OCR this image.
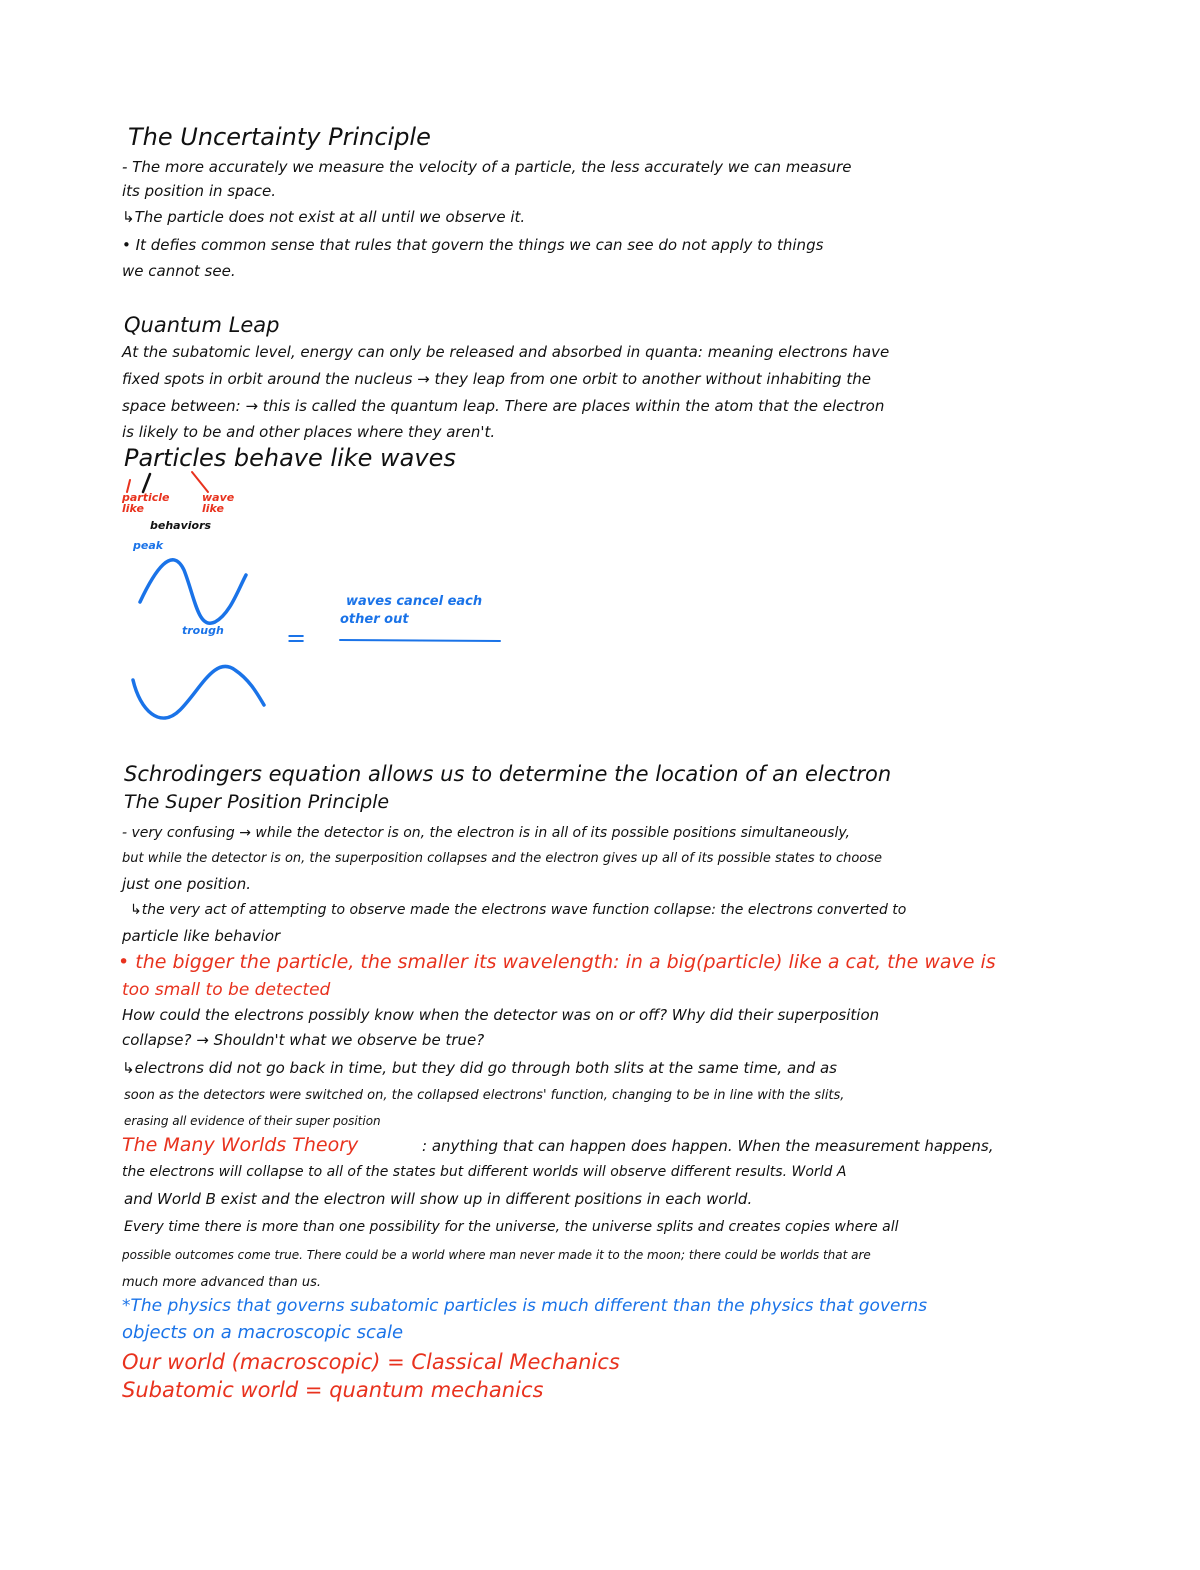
The Uncertainty Principle
- The more accurately we measure the velocity of a particle, the less accurately we can measure
its position in space.
↳The particle does not exist at all until we observe it.
• It defies common sense that rules that govern the things we can see do not apply to things
we cannot see.
Quantum Leap
At the subatomic level, energy can only be released and absorbed in quanta: meaning electrons have
fixed spots in orbit around the nucleus → they leap from one orbit to another without inhabiting the
space between: → this is called the quantum leap. There are places within the atom that the electron
is likely to be and other places where they aren't.
Particles behave like waves
particle like
wave like
behaviors
peak
trough	=
waves cancel each
other out
Schrodingers equation allows us to determine the location of an electron
The Super Position Principle
- very confusing → while the detector is on, the electron is in all of its possible positions simultaneously,
but while the detector is on, the superposition collapses and the electron gives up all of its possible states to choose
just one position.
↳the very act of attempting to observe made the electrons wave function collapse: the electrons converted to
particle like behavior
• the bigger the particle, the smaller its wavelength: in a big(particle) like a cat, the wave is
too small to be detected
How could the electrons possibly know when the detector was on or off? Why did their superposition
collapse? → Shouldn't what we observe be true?
↳electrons did not go back in time, but they did go through both slits at the same time, and as
soon as the detectors were switched on, the collapsed electrons' function, changing to be in line with the slits,
erasing all evidence of their super position
The Many Worlds Theory	: anything that can happen does happen. When the measurement happens,
the electrons will collapse to all of the states but different worlds will observe different results. World A
and World B exist and the electron will show up in different positions in each world.
Every time there is more than one possibility for the universe, the universe splits and creates copies where all
possible outcomes come true. There could be a world where man never made it to the moon; there could be worlds that are
much more advanced than us.
*The physics that governs subatomic particles is much different than the physics that governs
objects on a macroscopic scale
Our world (macroscopic) = Classical Mechanics
Subatomic world = quantum mechanics
